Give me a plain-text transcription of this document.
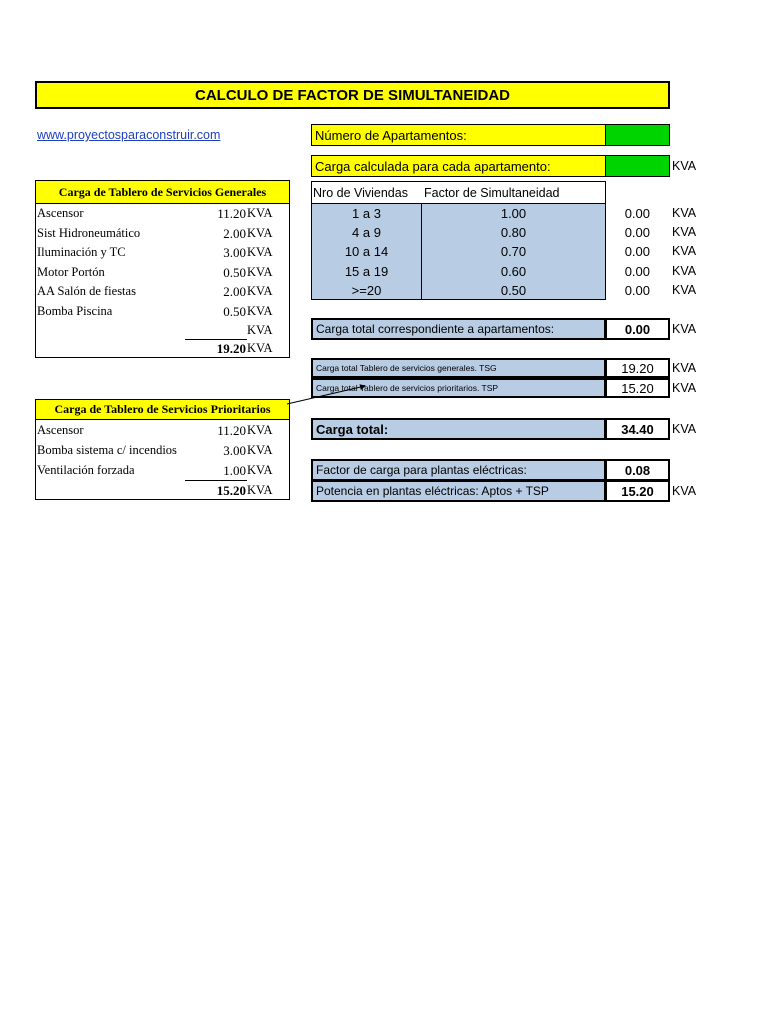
CALCULO DE FACTOR DE SIMULTANEIDAD
www.proyectosparaconstruir.com	Número de Apartamentos:
Carga calculada para cada apartamento:	KVA
Carga de Tablero de Servicios Generales
Ascensor	11.20 KVA
Sist Hidroneumático	2.00 KVA
Iluminación y TC	3.00 KVA
Motor Portón	0.50 KVA
AA Salón de fiestas	2.00 KVA
Bomba Piscina	0.50 KVA
KVA
19.20 KVA
Carga de Tablero de Servicios Prioritarios
Ascensor	11.20 KVA
Bomba sistema c/ incendios	3.00 KVA
Ventilación forzada	1.00 KVA
15.20 KVA
Nro de Viviendas	Factor de Simultaneidad
1 a 3	1.00	0.00 KVA
4 a 9	0.80	0.00 KVA
10 a 14	0.70	0.00 KVA
15 a 19	0.60	0.00 KVA
>=20	0.50	0.00 KVA
Carga total correspondiente a apartamentos:	0.00	KVA
Carga total Tablero de servicios generales. TSG	19.20	KVA
Carga total Tablero de servicios prioritarios. TSP	15.20	KVA
Carga total:	34.40	KVA
Factor de carga para plantas eléctricas:	0.08
Potencia en plantas eléctricas: Aptos + TSP	15.20	KVA
